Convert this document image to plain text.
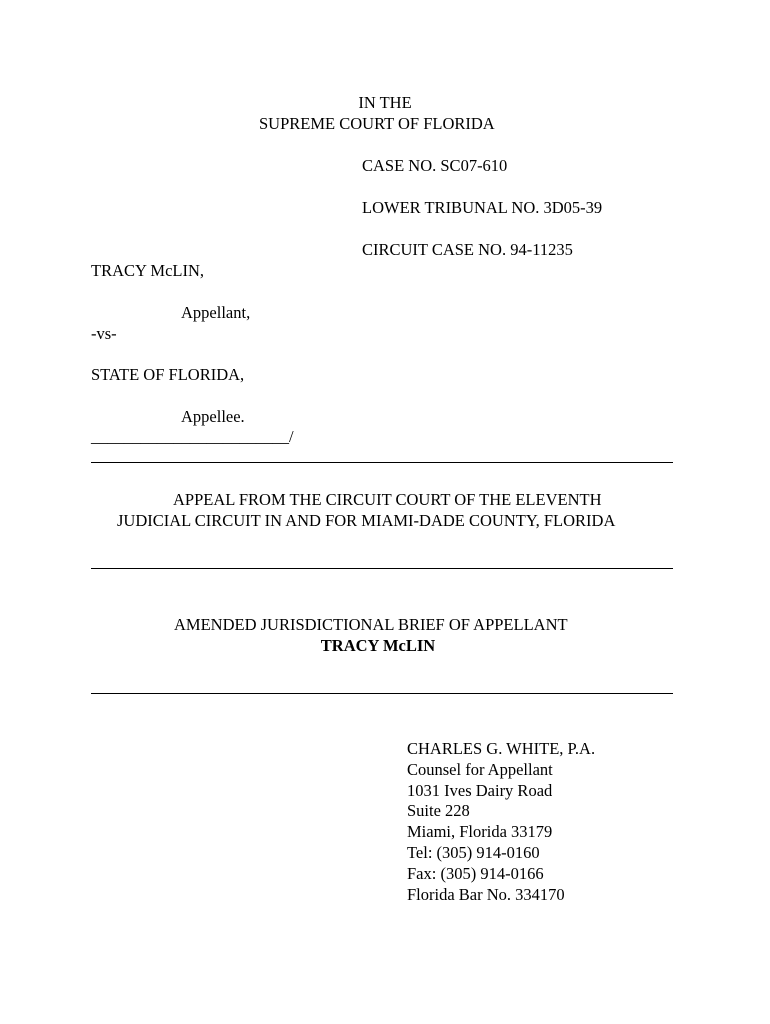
IN THE
SUPREME COURT OF FLORIDA
CASE NO. SC07-610
LOWER TRIBUNAL NO. 3D05-39
CIRCUIT CASE NO. 94-11235
TRACY McLIN,
Appellant,
-vs-
STATE OF FLORIDA,
Appellee.
________________________/
APPEAL FROM THE CIRCUIT COURT OF THE ELEVENTH
JUDICIAL CIRCUIT IN AND FOR MIAMI-DADE COUNTY, FLORIDA
AMENDED JURISDICTIONAL BRIEF OF APPELLANT
TRACY McLIN
CHARLES G. WHITE, P.A.
Counsel for Appellant
1031 Ives Dairy Road
Suite 228
Miami, Florida 33179
Tel: (305) 914-0160
Fax: (305) 914-0166
Florida Bar No. 334170
